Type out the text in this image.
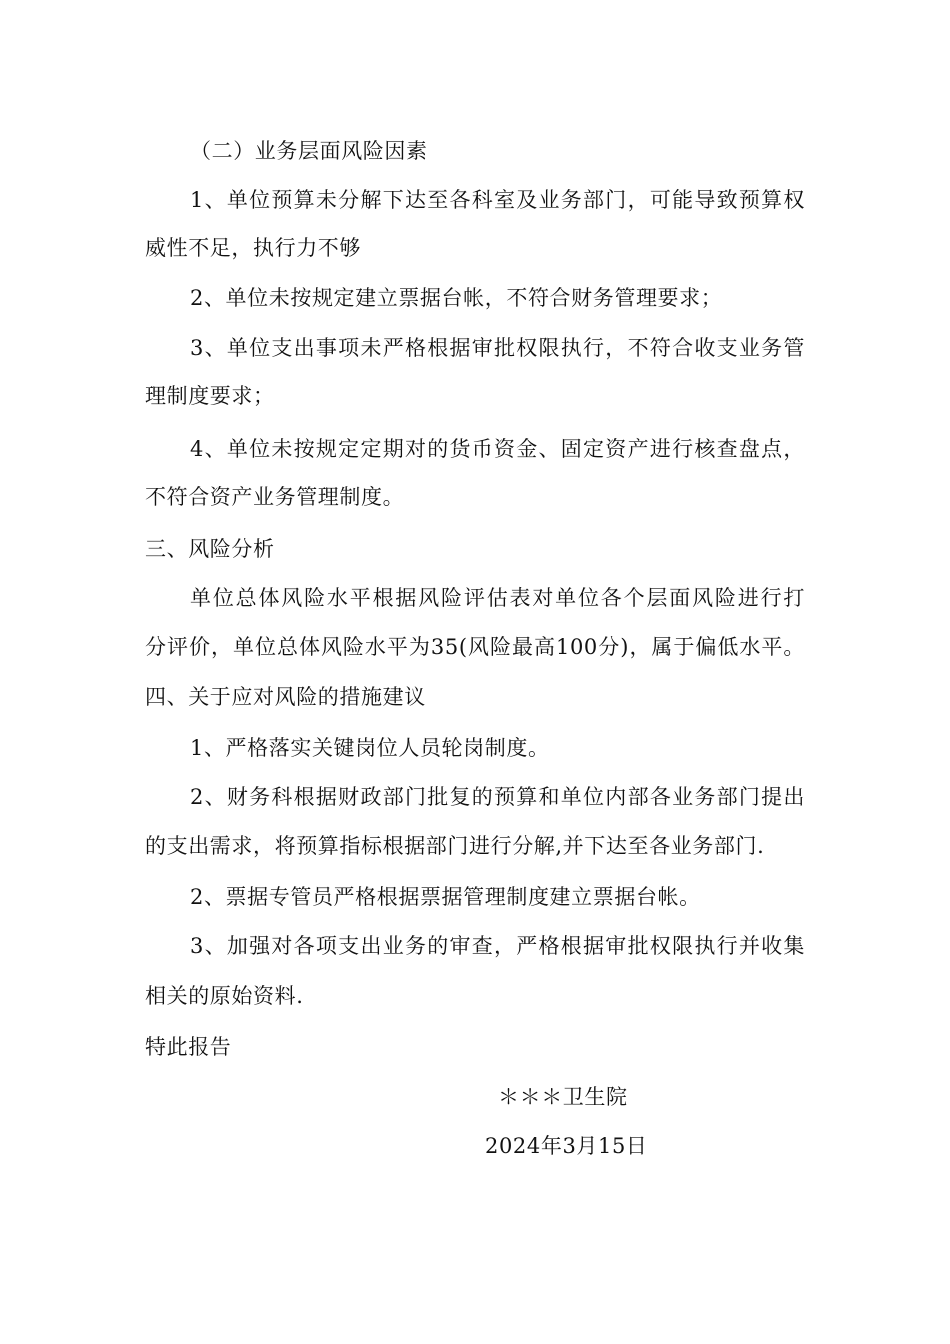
（二）业务层面风险因素
1、单位预算未分解下达至各科室及业务部门，可能导致预算权
威性不足，执行力不够
2、单位未按规定建立票据台帐，不符合财务管理要求；
3、单位支出事项未严格根据审批权限执行，不符合收支业务管
理制度要求；
4、单位未按规定定期对的货币资金、固定资产进行核查盘点，
不符合资产业务管理制度。
三、风险分析
单位总体风险水平根据风险评估表对单位各个层面风险进行打
分评价，单位总体风险水平为35(风险最高100分)，属于偏低水平。
四、关于应对风险的措施建议
1、严格落实关键岗位人员轮岗制度。
2、财务科根据财政部门批复的预算和单位内部各业务部门提出
的支出需求，将预算指标根据部门进行分解,并下达至各业务部门.
2、票据专管员严格根据票据管理制度建立票据台帐。
3、加强对各项支出业务的审查，严格根据审批权限执行并收集
相关的原始资料.
特此报告
＊＊＊卫生院
2024年3月15日
